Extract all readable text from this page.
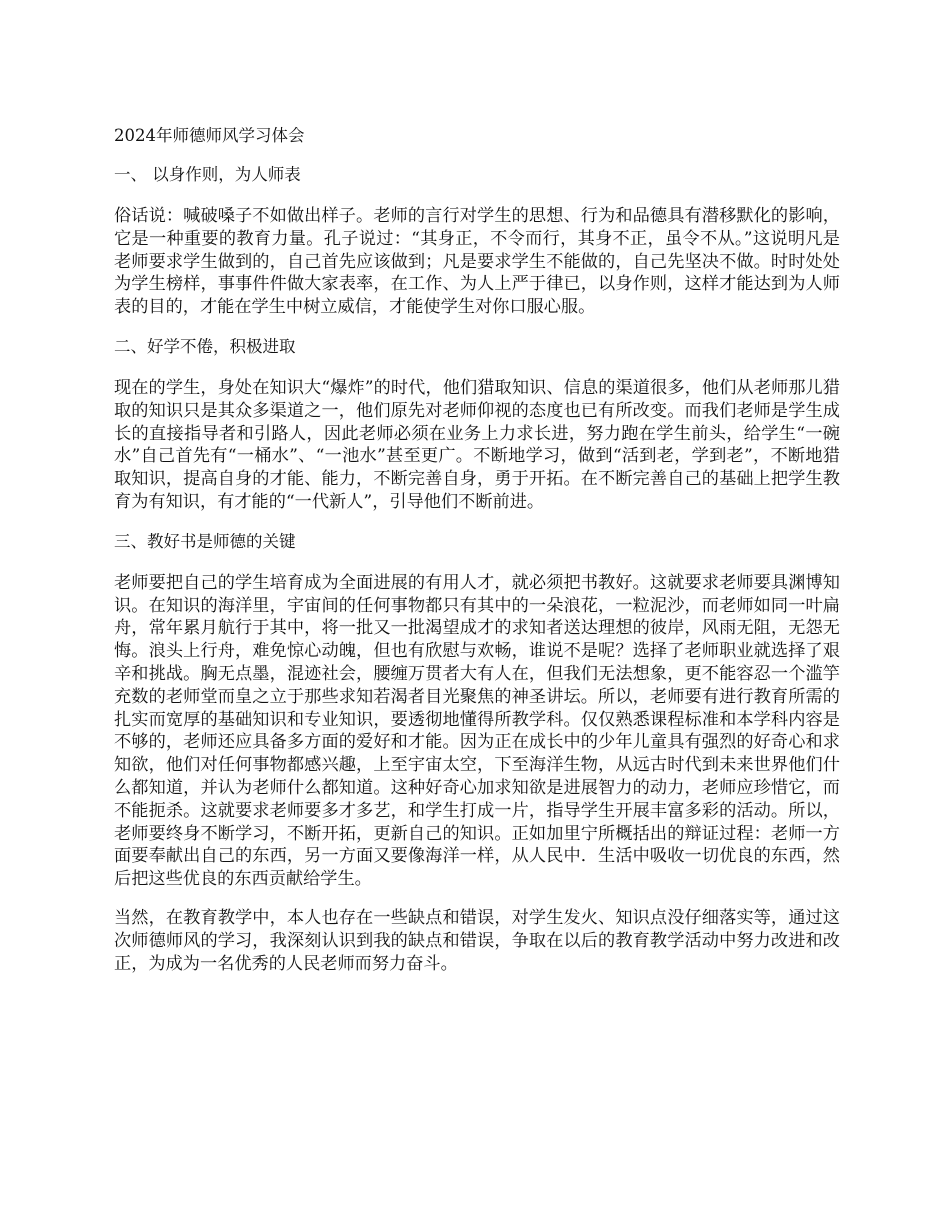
2024年师德师风学习体会
一、 以身作则，为人师表

俗话说：喊破嗓子不如做出样子。老师的言行对学生的思想、行为和品德具有潜移默化的影响，它是一种重要的教育力量。孔子说过：“其身正，不令而行，其身不正，虽令不从。”这说明凡是老师要求学生做到的，自己首先应该做到；凡是要求学生不能做的，自己先坚决不做。时时处处为学生榜样，事事件件做大家表率，在工作、为人上严于律已，以身作则，这样才能达到为人师表的目的，才能在学生中树立威信，才能使学生对你口服心服。

二、好学不倦，积极进取

现在的学生，身处在知识大“爆炸”的时代，他们猎取知识、信息的渠道很多，他们从老师那儿猎取的知识只是其众多渠道之一，他们原先对老师仰视的态度也已有所改变。而我们老师是学生成长的直接指导者和引路人，因此老师必须在业务上力求长进，努力跑在学生前头，给学生“一碗水”自己首先有“一桶水”、“一池水”甚至更广。不断地学习，做到“活到老，学到老”，不断地猎取知识，提高自身的才能、能力，不断完善自身，勇于开拓。在不断完善自己的基础上把学生教育为有知识，有才能的“一代新人”，引导他们不断前进。

三、教好书是师德的关键

老师要把自己的学生培育成为全面进展的有用人才，就必须把书教好。这就要求老师要具渊博知识。在知识的海洋里，宇宙间的任何事物都只有其中的一朵浪花，一粒泥沙，而老师如同一叶扁舟，常年累月航行于其中，将一批又一批渴望成才的求知者送达理想的彼岸，风雨无阻，无怨无悔。浪头上行舟，难免惊心动魄，但也有欣慰与欢畅，谁说不是呢？选择了老师职业就选择了艰辛和挑战。胸无点墨，混迹社会，腰缠万贯者大有人在，但我们无法想象，更不能容忍一个滥竽充数的老师堂而皇之立于那些求知若渴者目光聚焦的神圣讲坛。所以，老师要有进行教育所需的扎实而宽厚的基础知识和专业知识，要透彻地懂得所教学科。仅仅熟悉课程标准和本学科内容是不够的，老师还应具备多方面的爱好和才能。因为正在成长中的少年儿童具有强烈的好奇心和求知欲，他们对任何事物都感兴趣，上至宇宙太空，下至海洋生物，从远古时代到未来世界他们什么都知道，并认为老师什么都知道。这种好奇心加求知欲是进展智力的动力，老师应珍惜它，而不能扼杀。这就要求老师要多才多艺，和学生打成一片，指导学生开展丰富多彩的活动。所以，老师要终身不断学习，不断开拓，更新自己的知识。正如加里宁所概括出的辩证过程：老师一方面要奉献出自己的东西，另一方面又要像海洋一样，从人民中．生活中吸收一切优良的东西，然后把这些优良的东西贡献给学生。

当然，在教育教学中，本人也存在一些缺点和错误，对学生发火、知识点没仔细落实等，通过这次师德师风的学习，我深刻认识到我的缺点和错误，争取在以后的教育教学活动中努力改进和改正，为成为一名优秀的人民老师而努力奋斗。
